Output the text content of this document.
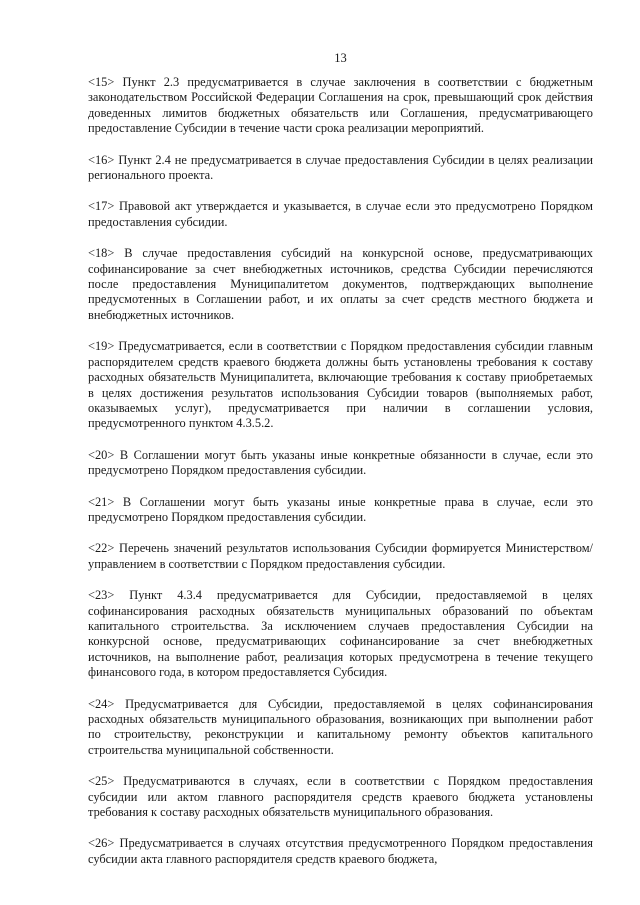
13

<15> Пункт 2.3 предусматривается в случае заключения в соответствии с бюджетным законодательством Российской Федерации Соглашения на срок, превышающий срок действия доведенных лимитов бюджетных обязательств или Соглашения, предусматривающего предоставление Субсидии в течение части срока реализации мероприятий.

<16> Пункт 2.4 не предусматривается в случае предоставления Субсидии в целях реализации регионального проекта.

<17> Правовой акт утверждается и указывается, в случае если это предусмотрено Порядком предоставления субсидии.

<18> В случае предоставления субсидий на конкурсной основе, предусматривающих софинансирование за счет внебюджетных источников, средства Субсидии перечисляются после предоставления Муниципалитетом документов, подтверждающих выполнение предусмотенных в Соглашении работ, и их оплаты за счет средств местного бюджета и внебюджетных источников.

<19> Предусматривается, если в соответствии с Порядком предоставления субсидии главным распорядителем средств краевого бюджета должны быть установлены требования к составу расходных обязательств Муниципалитета, включающие требования к составу приобретаемых в целях достижения результатов использования Субсидии товаров (выполняемых работ, оказываемых услуг), предусматривается при наличии в соглашении условия, предусмотренного пунктом 4.3.5.2.

<20> В Соглашении могут быть указаны иные конкретные обязанности в случае, если это предусмотрено Порядком предоставления субсидии.

<21> В Соглашении могут быть указаны иные конкретные права в случае, если это предусмотрено Порядком предоставления субсидии.

<22> Перечень значений результатов использования Субсидии формируется Министерством/ управлением в соответствии с Порядком предоставления субсидии.

<23> Пункт 4.3.4 предусматривается для Субсидии, предоставляемой в целях софинансирования расходных обязательств муниципальных образований по объектам капитального строительства. За исключением случаев предоставления Субсидии на конкурсной основе, предусматривающих софинансирование за счет внебюджетных источников, на выполнение работ, реализация которых предусмотрена в течение текущего финансового года, в котором предоставляется Субсидия.

<24> Предусматривается для Субсидии, предоставляемой в целях софинансирования расходных обязательств муниципального образования, возникающих при выполнении работ по строительству, реконструкции и капитальному ремонту объектов капитального строительства муниципальной собственности.

<25> Предусматриваются в случаях, если в соответствии с Порядком предоставления субсидии или актом главного распорядителя средств краевого бюджета установлены требования к составу расходных обязательств муниципального образования.

<26> Предусматривается в случаях отсутствия предусмотренного Порядком предоставления субсидии акта главного распорядителя средств краевого бюджета,
